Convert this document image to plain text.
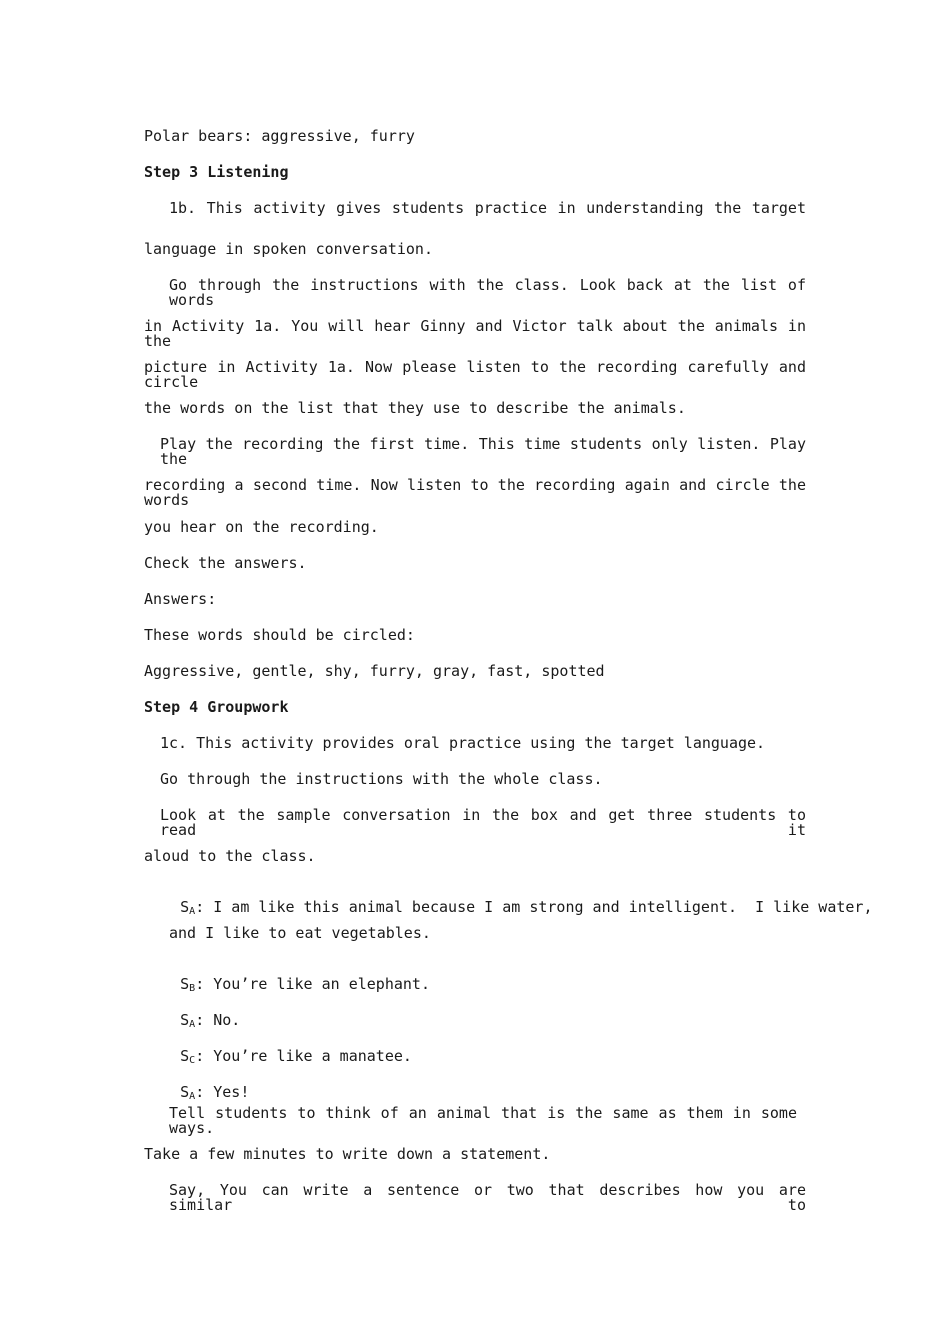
Polar bears: aggressive, furry
Step 3 Listening
1b. This activity gives students practice in understanding the target
language in spoken conversation.
Go through the instructions with the class. Look back at the list of words
in Activity 1a. You will hear Ginny and Victor talk about the animals in the
picture in Activity 1a. Now please listen to the recording carefully and circle
the words on the list that they use to describe the animals.
Play the recording the first time. This time students only listen. Play the
recording a second time. Now listen to the recording again and circle the words
you hear on the recording.
Check the answers.
Answers:
These words should be circled:
Aggressive, gentle, shy, furry, gray, fast, spotted
Step 4 Groupwork
1c. This activity provides oral practice using the target language.
Go through the instructions with the whole class.
Look at the sample conversation in the box and get three students to read it
aloud to the class.

$S_A$: I am like this animal because I am strong and intelligent.  I like water,

and I like to eat vegetables.

$S_B$: You’re like an elephant.

$S_A$: No.

$S_C$: You’re like a manatee.

$S_A$: Yes!

Tell students to think of an animal that is the same as them in some ways.
Take a few minutes to write down a statement.
Say, You can write a sentence or two that describes how you are similar to
